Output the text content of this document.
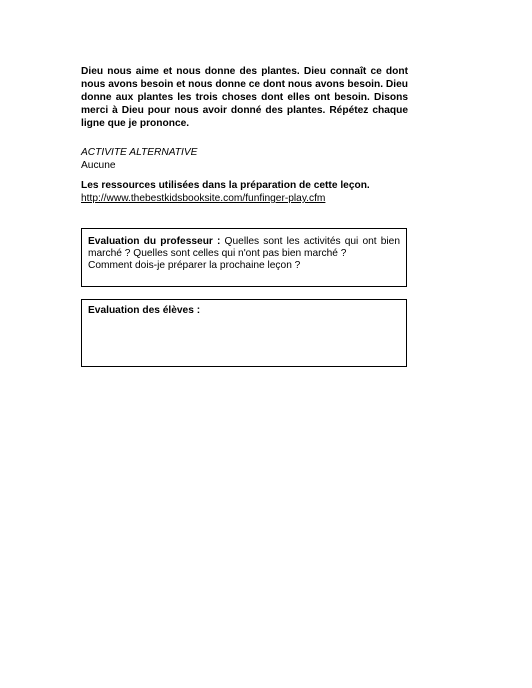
Dieu nous aime et nous donne des plantes. Dieu connaît ce dont nous avons besoin et nous donne ce dont nous avons besoin. Dieu donne aux plantes les trois choses dont elles ont besoin. Disons merci à Dieu pour nous avoir donné des plantes. Répétez chaque ligne que je prononce.
ACTIVITE ALTERNATIVE
Aucune
Les ressources utilisées dans la préparation de cette leçon.
http://www.thebestkidsbooksite.com/funfinger-play.cfm
Evaluation du professeur : Quelles sont les activités qui ont bien marché ? Quelles sont celles qui n'ont pas bien marché ?
Comment dois-je préparer la prochaine leçon ?
Evaluation des élèves :
